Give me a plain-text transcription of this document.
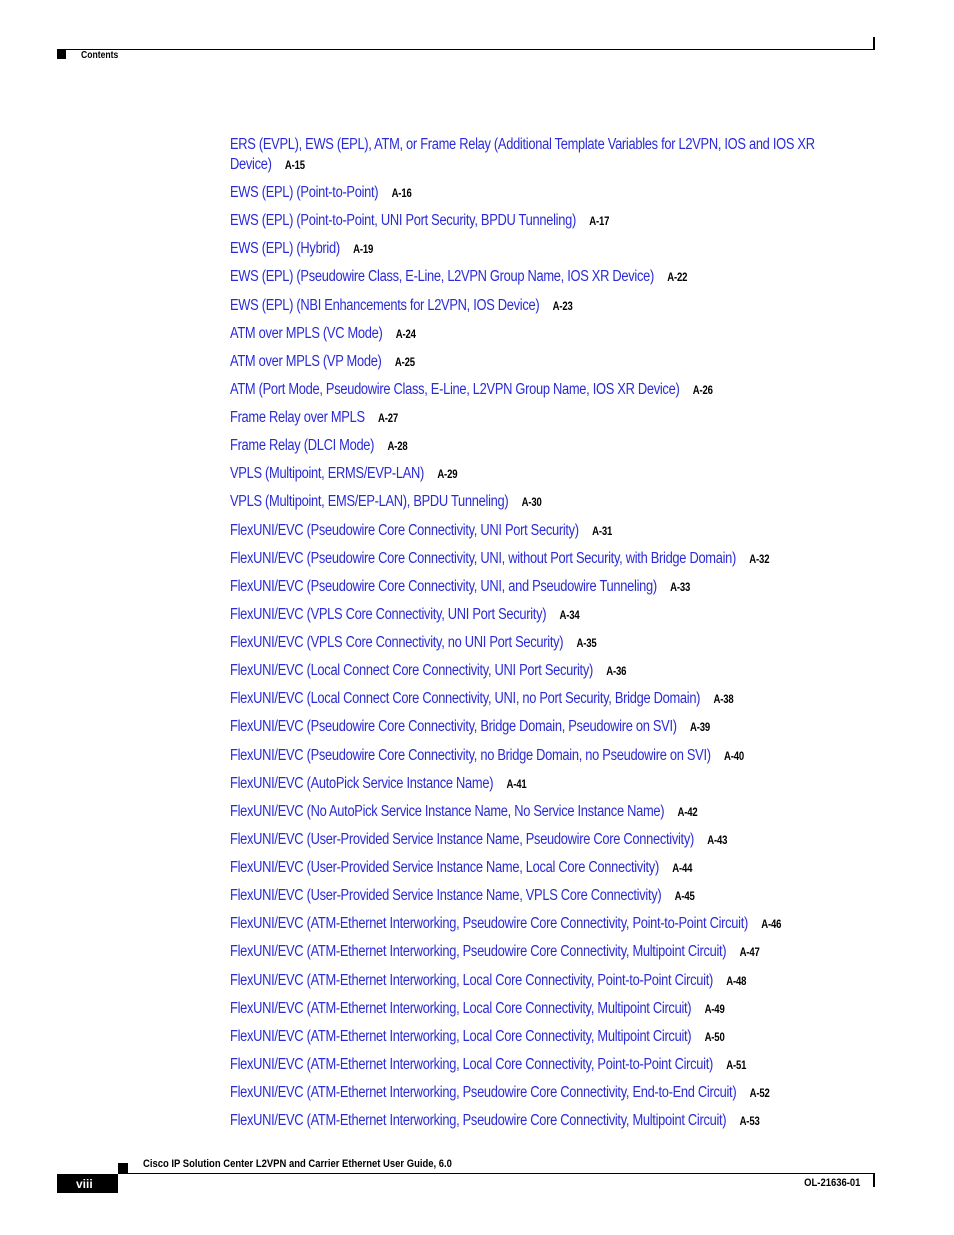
Contents
ERS (EVPL), EWS (EPL), ATM, or Frame Relay (Additional Template Variables for L2VPN, IOS and IOS XR Device) A-15
EWS (EPL) (Point-to-Point) A-16
EWS (EPL) (Point-to-Point, UNI Port Security, BPDU Tunneling) A-17
EWS (EPL) (Hybrid) A-19
EWS (EPL) (Pseudowire Class, E-Line, L2VPN Group Name, IOS XR Device) A-22
EWS (EPL) (NBI Enhancements for L2VPN, IOS Device) A-23
ATM over MPLS (VC Mode) A-24
ATM over MPLS (VP Mode) A-25
ATM (Port Mode, Pseudowire Class, E-Line, L2VPN Group Name, IOS XR Device) A-26
Frame Relay over MPLS A-27
Frame Relay (DLCI Mode) A-28
VPLS (Multipoint, ERMS/EVP-LAN) A-29
VPLS (Multipoint, EMS/EP-LAN), BPDU Tunneling) A-30
FlexUNI/EVC (Pseudowire Core Connectivity, UNI Port Security) A-31
FlexUNI/EVC (Pseudowire Core Connectivity, UNI, without Port Security, with Bridge Domain) A-32
FlexUNI/EVC (Pseudowire Core Connectivity, UNI, and Pseudowire Tunneling) A-33
FlexUNI/EVC (VPLS Core Connectivity, UNI Port Security) A-34
FlexUNI/EVC (VPLS Core Connectivity, no UNI Port Security) A-35
FlexUNI/EVC (Local Connect Core Connectivity, UNI Port Security) A-36
FlexUNI/EVC (Local Connect Core Connectivity, UNI, no Port Security, Bridge Domain) A-38
FlexUNI/EVC (Pseudowire Core Connectivity, Bridge Domain, Pseudowire on SVI) A-39
FlexUNI/EVC (Pseudowire Core Connectivity, no Bridge Domain, no Pseudowire on SVI) A-40
FlexUNI/EVC (AutoPick Service Instance Name) A-41
FlexUNI/EVC (No AutoPick Service Instance Name, No Service Instance Name) A-42
FlexUNI/EVC (User-Provided Service Instance Name, Pseudowire Core Connectivity) A-43
FlexUNI/EVC (User-Provided Service Instance Name, Local Core Connectivity) A-44
FlexUNI/EVC (User-Provided Service Instance Name, VPLS Core Connectivity) A-45
FlexUNI/EVC (ATM-Ethernet Interworking, Pseudowire Core Connectivity, Point-to-Point Circuit) A-46
FlexUNI/EVC (ATM-Ethernet Interworking, Pseudowire Core Connectivity, Multipoint Circuit) A-47
FlexUNI/EVC (ATM-Ethernet Interworking, Local Core Connectivity, Point-to-Point Circuit) A-48
FlexUNI/EVC (ATM-Ethernet Interworking, Local Core Connectivity, Multipoint Circuit) A-49
FlexUNI/EVC (ATM-Ethernet Interworking, Local Core Connectivity, Multipoint Circuit) A-50
FlexUNI/EVC (ATM-Ethernet Interworking, Local Core Connectivity, Point-to-Point Circuit) A-51
FlexUNI/EVC (ATM-Ethernet Interworking, Pseudowire Core Connectivity, End-to-End Circuit) A-52
FlexUNI/EVC (ATM-Ethernet Interworking, Pseudowire Core Connectivity, Multipoint Circuit) A-53
viii
Cisco IP Solution Center L2VPN and Carrier Ethernet User Guide, 6.0
OL-21636-01
